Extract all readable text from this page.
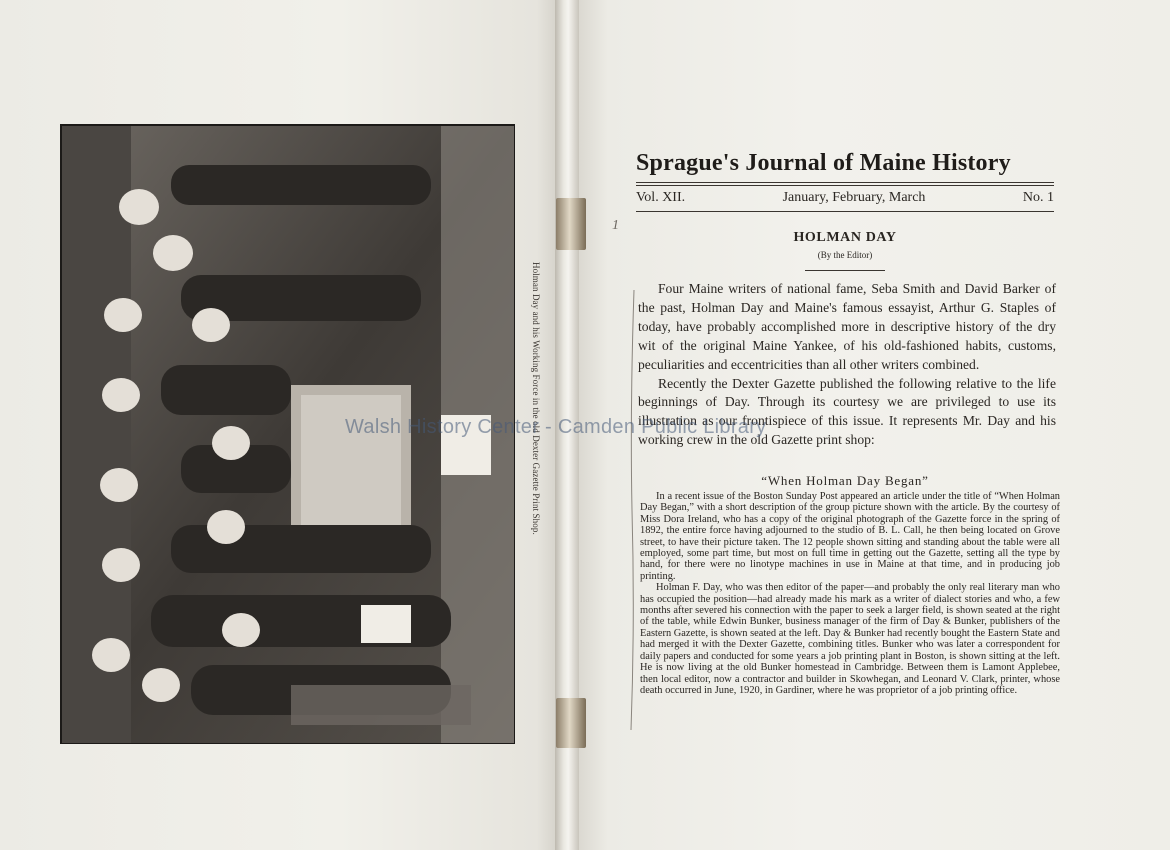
Holman Day and his Working Force in the old Dexter Gazette Print Shop.
1
Sprague's Journal of Maine History
Vol. XII.	January, February, March	No. 1
HOLMAN DAY
(By the Editor)

Four Maine writers of national fame, Seba Smith and David Barker of the past, Holman Day and Maine's famous essayist, Arthur G. Staples of today, have probably accomplished more in descriptive history of the dry wit of the original Maine Yankee, of his old-fashioned habits, customs, peculiarities and eccentricities than all other writers combined.

Recently the Dexter Gazette published the following relative to the life beginnings of Day. Through its courtesy we are privileged to use its illustration as our frontispiece of this issue. It represents Mr. Day and his working crew in the old Gazette print shop:

“When Holman Day Began”

In a recent issue of the Boston Sunday Post appeared an article under the title of “When Holman Day Began,” with a short description of the group picture shown with the article. By the courtesy of Miss Dora Ireland, who has a copy of the original photograph of the Gazette force in the spring of 1892, the entire force having adjourned to the studio of B. L. Call, he then being located on Grove street, to have their picture taken. The 12 people shown sitting and standing about the table were all employed, some part time, but most on full time in getting out the Gazette, setting all the type by hand, for there were no linotype machines in use in Maine at that time, and in producing job printing.

Holman F. Day, who was then editor of the paper—and probably the only real literary man who has occupied the position—had already made his mark as a writer of dialect stories and who, a few months after severed his connection with the paper to seek a larger field, is shown seated at the right of the table, while Edwin Bunker, business manager of the firm of Day & Bunker, publishers of the Eastern Gazette, is shown seated at the left. Day & Bunker had recently bought the Eastern State and had merged it with the Dexter Gazette, combining titles. Bunker who was later a correspondent for daily papers and conducted for some years a job printing plant in Boston, is shown sitting at the left. He is now living at the old Bunker homestead in Cambridge. Between them is Lamont Applebee, then local editor, now a contractor and builder in Skowhegan, and Leonard V. Clark, printer, whose death occurred in June, 1920, in Gardiner, where he was proprietor of a job printing office.

Walsh History Center - Camden Public Library
